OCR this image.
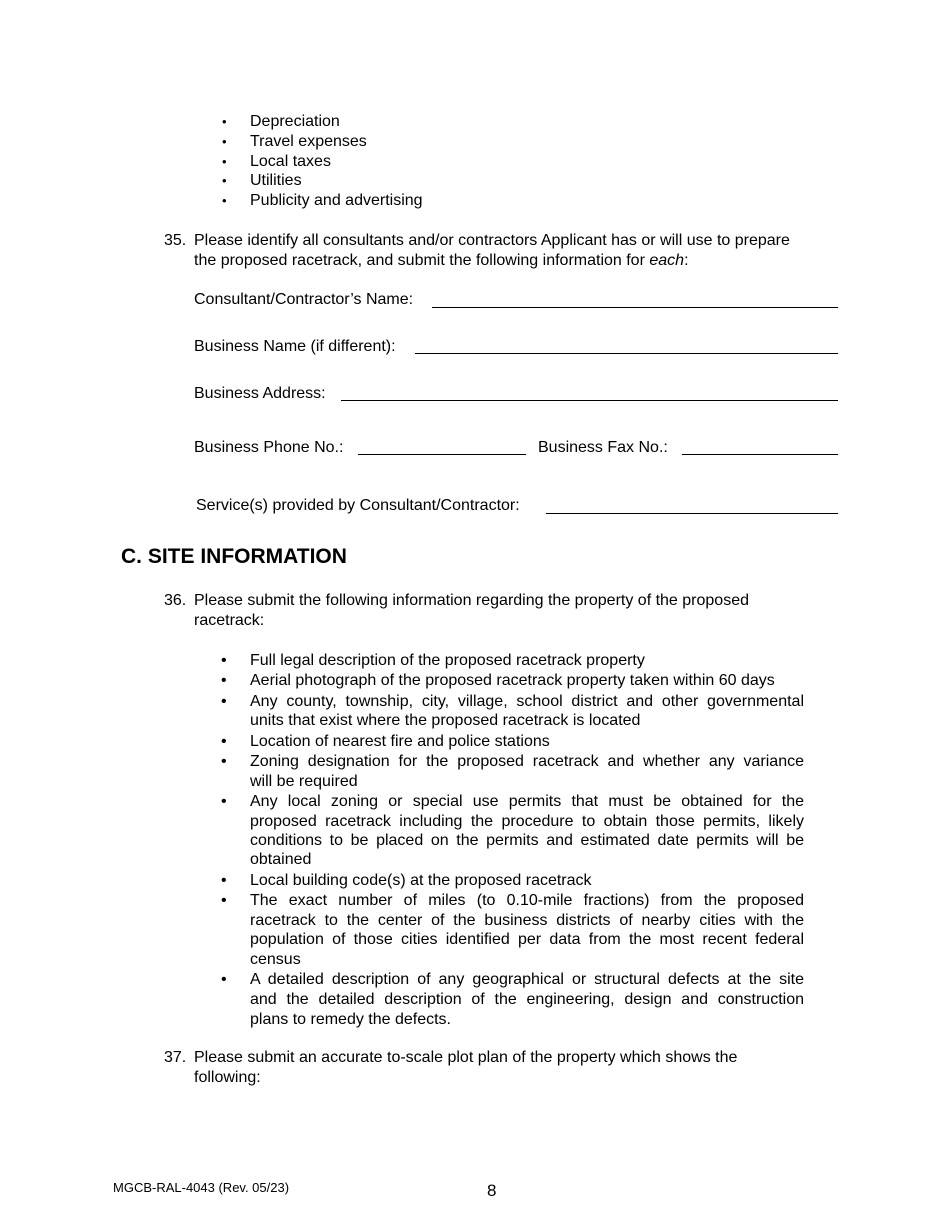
• Depreciation
• Travel expenses
• Local taxes
• Utilities
• Publicity and advertising
35. Please identify all consultants and/or contractors Applicant has or will use to prepare
the proposed racetrack, and submit the following information for each:
Consultant/Contractor’s Name:
Business Name (if different):
Business Address:
Business Phone No.:	Business Fax No.:
Service(s) provided by Consultant/Contractor:
C. SITE INFORMATION
36. Please submit the following information regarding the property of the proposed
racetrack:
• Full legal description of the proposed racetrack property
• Aerial photograph of the proposed racetrack property taken within 60 days
• Any county, township, city, village, school district and other governmental
units that exist where the proposed racetrack is located
• Location of nearest fire and police stations
• Zoning designation for the proposed racetrack and whether any variance
will be required
• Any local zoning or special use permits that must be obtained for the
proposed racetrack including the procedure to obtain those permits, likely
conditions to be placed on the permits and estimated date permits will be
obtained
• Local building code(s) at the proposed racetrack
• The exact number of miles (to 0.10-mile fractions) from the proposed
racetrack to the center of the business districts of nearby cities with the
population of those cities identified per data from the most recent federal
census
• A detailed description of any geographical or structural defects at the site
and the detailed description of the engineering, design and construction
plans to remedy the defects.
37. Please submit an accurate to-scale plot plan of the property which shows the
following:
MGCB-RAL-4043 (Rev. 05/23)	8
